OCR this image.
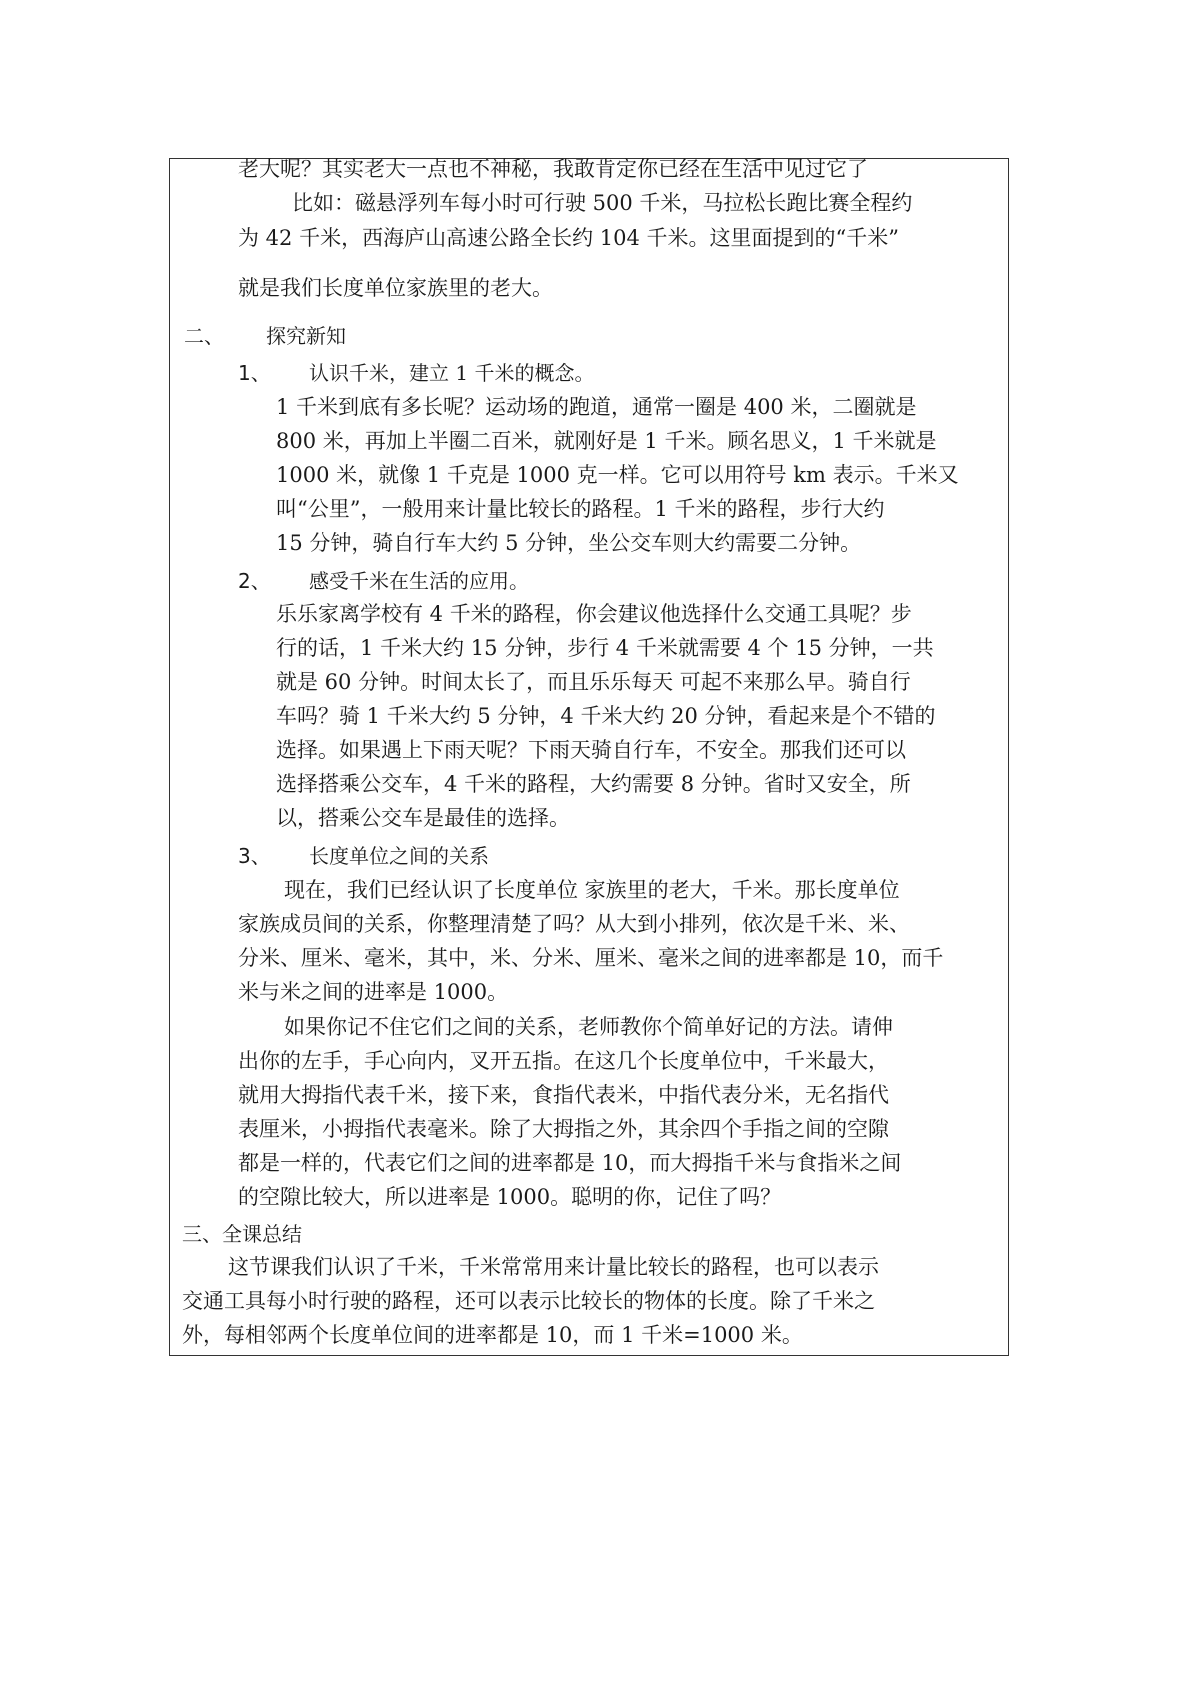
老大呢？其实老大一点也不神秘，我敢肯定你已经在生活中见过它了
比如：磁悬浮列车每小时可行驶 500 千米，马拉松长跑比赛全程约
为 42 千米，西海庐山高速公路全长约 104 千米。这里面提到的“千米”
就是我们长度单位家族里的老大。
二、 探究新知
1、 认识千米，建立 1 千米的概念。
1 千米到底有多长呢？运动场的跑道，通常一圈是 400 米，二圈就是
800 米，再加上半圈二百米，就刚好是 1 千米。顾名思义，1 千米就是
1000 米，就像 1 千克是 1000 克一样。它可以用符号 km 表示。千米又
叫“公里”，一般用来计量比较长的路程。1 千米的路程，步行大约
15 分钟，骑自行车大约 5 分钟，坐公交车则大约需要二分钟。
2、 感受千米在生活的应用。
乐乐家离学校有 4 千米的路程，你会建议他选择什么交通工具呢？步
行的话，1 千米大约 15 分钟，步行 4 千米就需要 4 个 15 分钟，一共
就是 60 分钟。时间太长了，而且乐乐每天 可起不来那么早。骑自行
车吗？骑 1 千米大约 5 分钟，4 千米大约 20 分钟，看起来是个不错的
选择。如果遇上下雨天呢？下雨天骑自行车，不安全。那我们还可以
选择搭乘公交车，4 千米的路程，大约需要 8 分钟。省时又安全，所
以，搭乘公交车是最佳的选择。
3、 长度单位之间的关系
现在，我们已经认识了长度单位 家族里的老大，千米。那长度单位
家族成员间的关系，你整理清楚了吗？从大到小排列，依次是千米、米、
分米、厘米、毫米，其中，米、分米、厘米、毫米之间的进率都是 10，而千
米与米之间的进率是 1000。
如果你记不住它们之间的关系，老师教你个简单好记的方法。请伸
出你的左手，手心向内，叉开五指。在这几个长度单位中，千米最大，
就用大拇指代表千米，接下来，食指代表米，中指代表分米，无名指代
表厘米，小拇指代表毫米。除了大拇指之外，其余四个手指之间的空隙
都是一样的，代表它们之间的进率都是 10，而大拇指千米与食指米之间
的空隙比较大，所以进率是 1000。聪明的你，记住了吗？
三、全课总结
这节课我们认识了千米，千米常常用来计量比较长的路程，也可以表示
交通工具每小时行驶的路程，还可以表示比较长的物体的长度。除了千米之
外，每相邻两个长度单位间的进率都是 10，而 1 千米=1000 米。
